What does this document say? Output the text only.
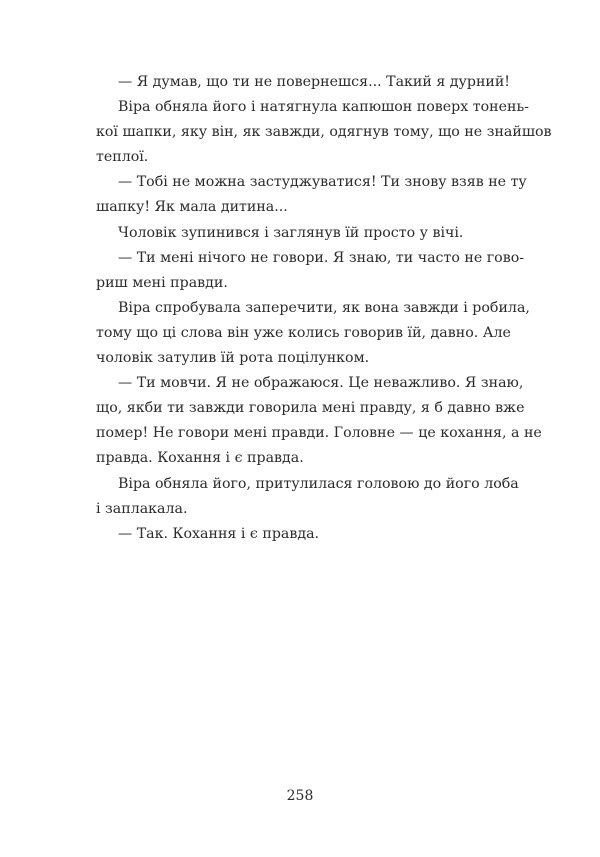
— Я думав, що ти не повернешся... Такий я дурний!
Віра обняла його і натягнула капюшон поверх тонень-
кої шапки, яку він, як завжди, одягнув тому, що не знайшов
теплої.
— Тобі не можна застуджуватися! Ти знову взяв не ту
шапку! Як мала дитина...
Чоловік зупинився і заглянув їй просто у вічі.
— Ти мені нічого не говори. Я знаю, ти часто не гово-
риш мені правди.
Віра спробувала заперечити, як вона завжди і робила,
тому що ці слова він уже колись говорив їй, давно. Але
чоловік затулив їй рота поцілунком.
— Ти мовчи. Я не ображаюся. Це неважливо. Я знаю,
що, якби ти завжди говорила мені правду, я б давно вже
помер! Не говори мені правди. Головне — це кохання, а не
правда. Кохання і є правда.
Віра обняла його, притулилася головою до його лоба
і заплакала.
— Так. Кохання і є правда.
258
